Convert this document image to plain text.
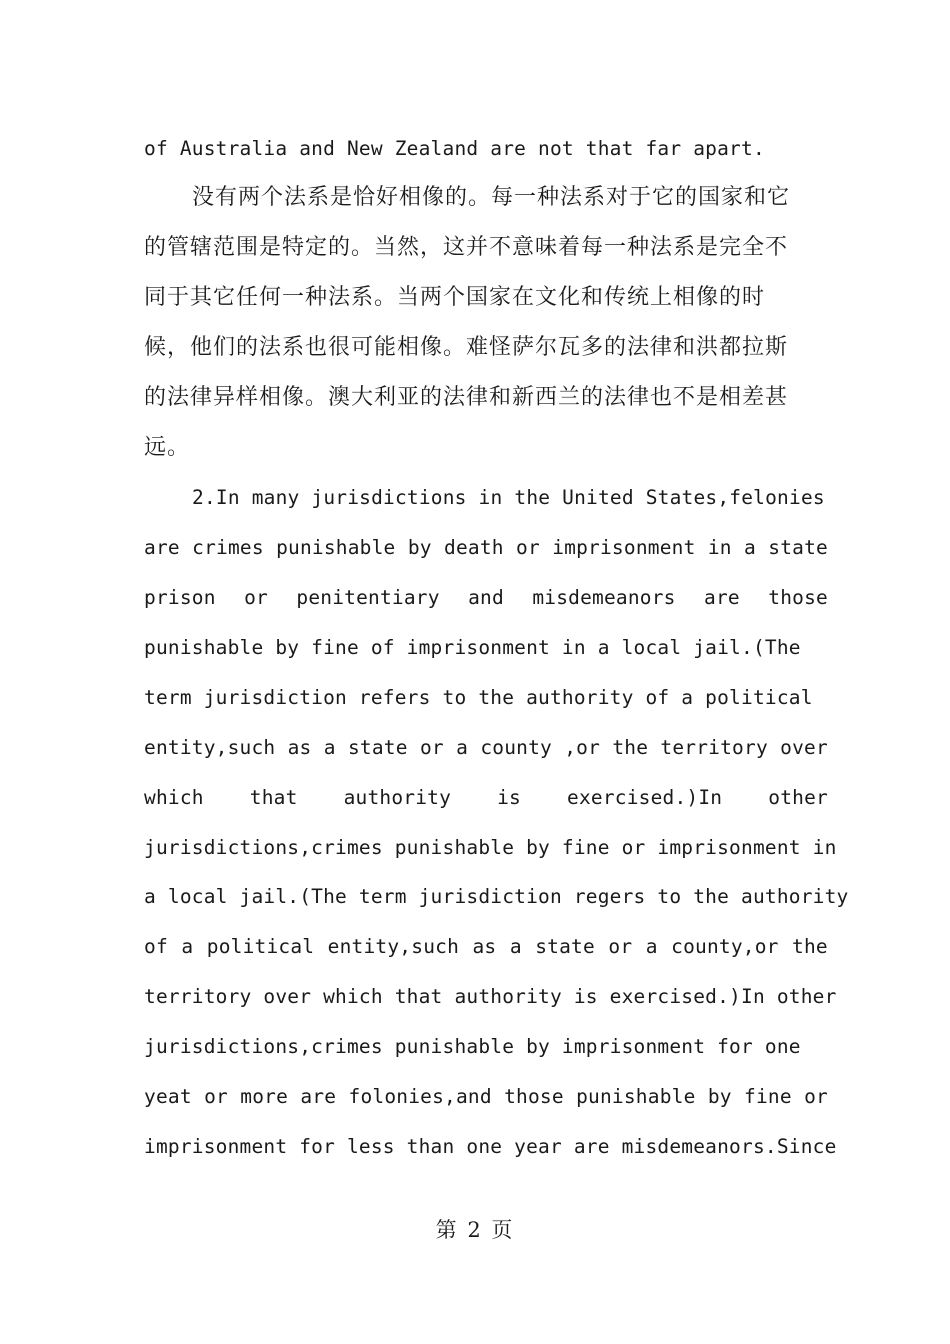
of Australia and New Zealand are not that far apart.
没有两个法系是恰好相像的。每一种法系对于它的国家和它
的管辖范围是特定的。当然，这并不意味着每一种法系是完全不
同于其它任何一种法系。当两个国家在文化和传统上相像的时
候，他们的法系也很可能相像。难怪萨尔瓦多的法律和洪都拉斯
的法律异样相像。澳大利亚的法律和新西兰的法律也不是相差甚
远。
2.In many jurisdictions in the United States,felonies
are crimes punishable by death or imprisonment in a state
prison or penitentiary and misdemeanors are those
punishable by fine of imprisonment in a local jail.(The
term jurisdiction refers to the authority of a political
entity,such as a state or a county ,or the territory over
which that authority is exercised.)In other
jurisdictions,crimes punishable by fine or imprisonment in
a local jail.(The term jurisdiction regers to the authority
of a political entity,such as a state or a county,or the
territory over which that authority is exercised.)In other
jurisdictions,crimes punishable by imprisonment for one
yeat or more are folonies,and those punishable by fine or
imprisonment for less than one year are misdemeanors.Since
第 2 页
